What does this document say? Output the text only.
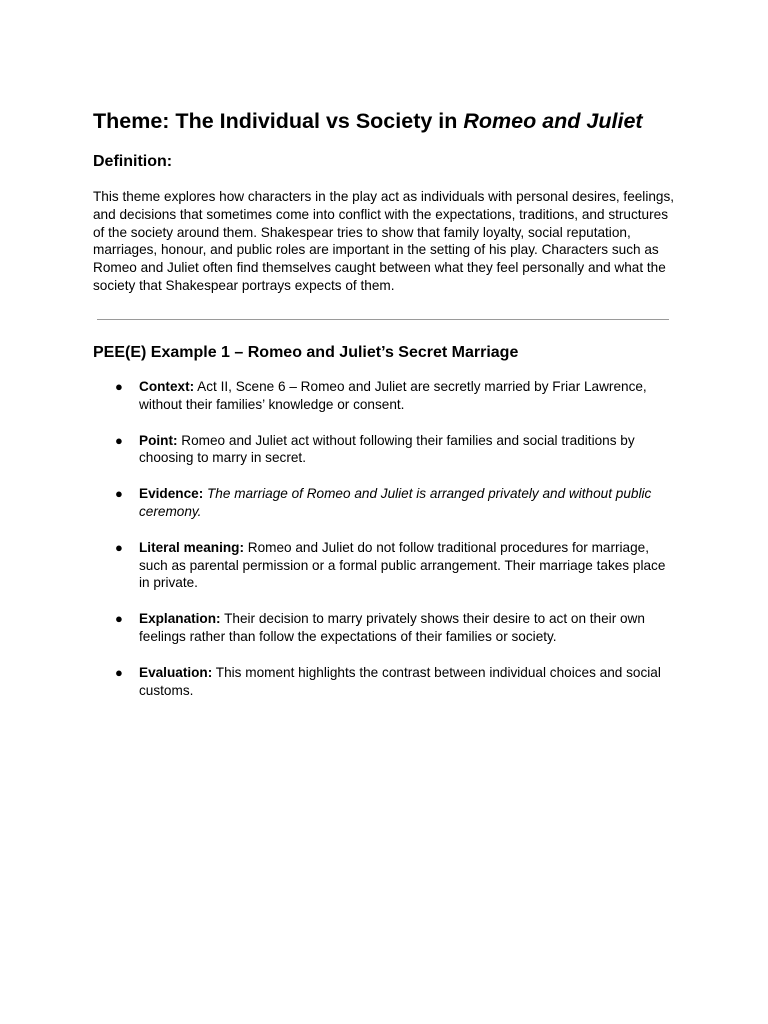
Theme: The Individual vs Society in Romeo and Juliet
Definition:

This theme explores how characters in the play act as individuals with personal desires, feelings, and decisions that sometimes come into conflict with the expectations, traditions, and structures of the society around them. Shakespear tries to show that family loyalty, social reputation, marriages, honour, and public roles are important in the setting of his play. Characters such as Romeo and Juliet often find themselves caught between what they feel personally and what the society that Shakespear portrays expects of them.

PEE(E) Example 1 – Romeo and Juliet’s Secret Marriage
● Context: Act II, Scene 6 – Romeo and Juliet are secretly married by Friar Lawrence, without their families’ knowledge or consent.
● Point: Romeo and Juliet act without following their families and social traditions by choosing to marry in secret.
● Evidence: The marriage of Romeo and Juliet is arranged privately and without public ceremony.
● Literal meaning: Romeo and Juliet do not follow traditional procedures for marriage, such as parental permission or a formal public arrangement. Their marriage takes place in private.
● Explanation: Their decision to marry privately shows their desire to act on their own feelings rather than follow the expectations of their families or society.
● Evaluation: This moment highlights the contrast between individual choices and social customs.
